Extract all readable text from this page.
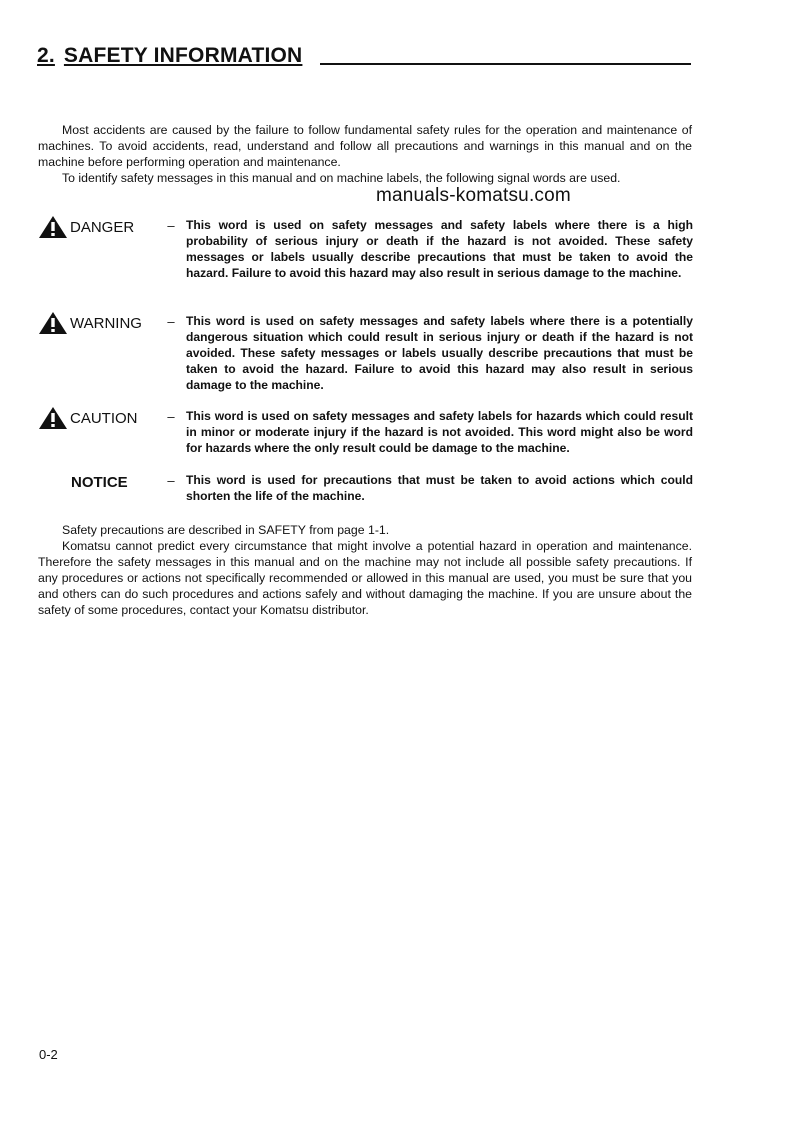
2. SAFETY INFORMATION

Most accidents are caused by the failure to follow fundamental safety rules for the operation and maintenance of machines. To avoid accidents, read, understand and follow all precautions and warnings in this manual and on the machine before performing operation and maintenance.

To identify safety messages in this manual and on machine labels, the following signal words are used.

manuals-komatsu.com
DANGER	– This word is used on safety messages and safety labels where there is a high probability of serious injury or death if the hazard is not avoided. These safety messages or labels usually describe precautions that must be taken to avoid the hazard. Failure to avoid this hazard may also result in serious damage to the machine.
WARNING	– This word is used on safety messages and safety labels where there is a potentially dangerous situation which could result in serious injury or death if the hazard is not avoided. These safety messages or labels usually describe precautions that must be taken to avoid the hazard. Failure to avoid this hazard may also result in serious damage to the machine.
CAUTION	– This word is used on safety messages and safety labels for hazards which could result in minor or moderate injury if the hazard is not avoided. This word might also be word for hazards where the only result could be damage to the machine.
NOTICE	– This word is used for precautions that must be taken to avoid actions which could shorten the life of the machine.

Safety precautions are described in SAFETY from page 1-1.

Komatsu cannot predict every circumstance that might involve a potential hazard in operation and maintenance. Therefore the safety messages in this manual and on the machine may not include all possible safety precautions. If any procedures or actions not specifically recommended or allowed in this manual are used, you must be sure that you and others can do such procedures and actions safely and without damaging the machine. If you are unsure about the safety of some procedures, contact your Komatsu distributor.

0-2
